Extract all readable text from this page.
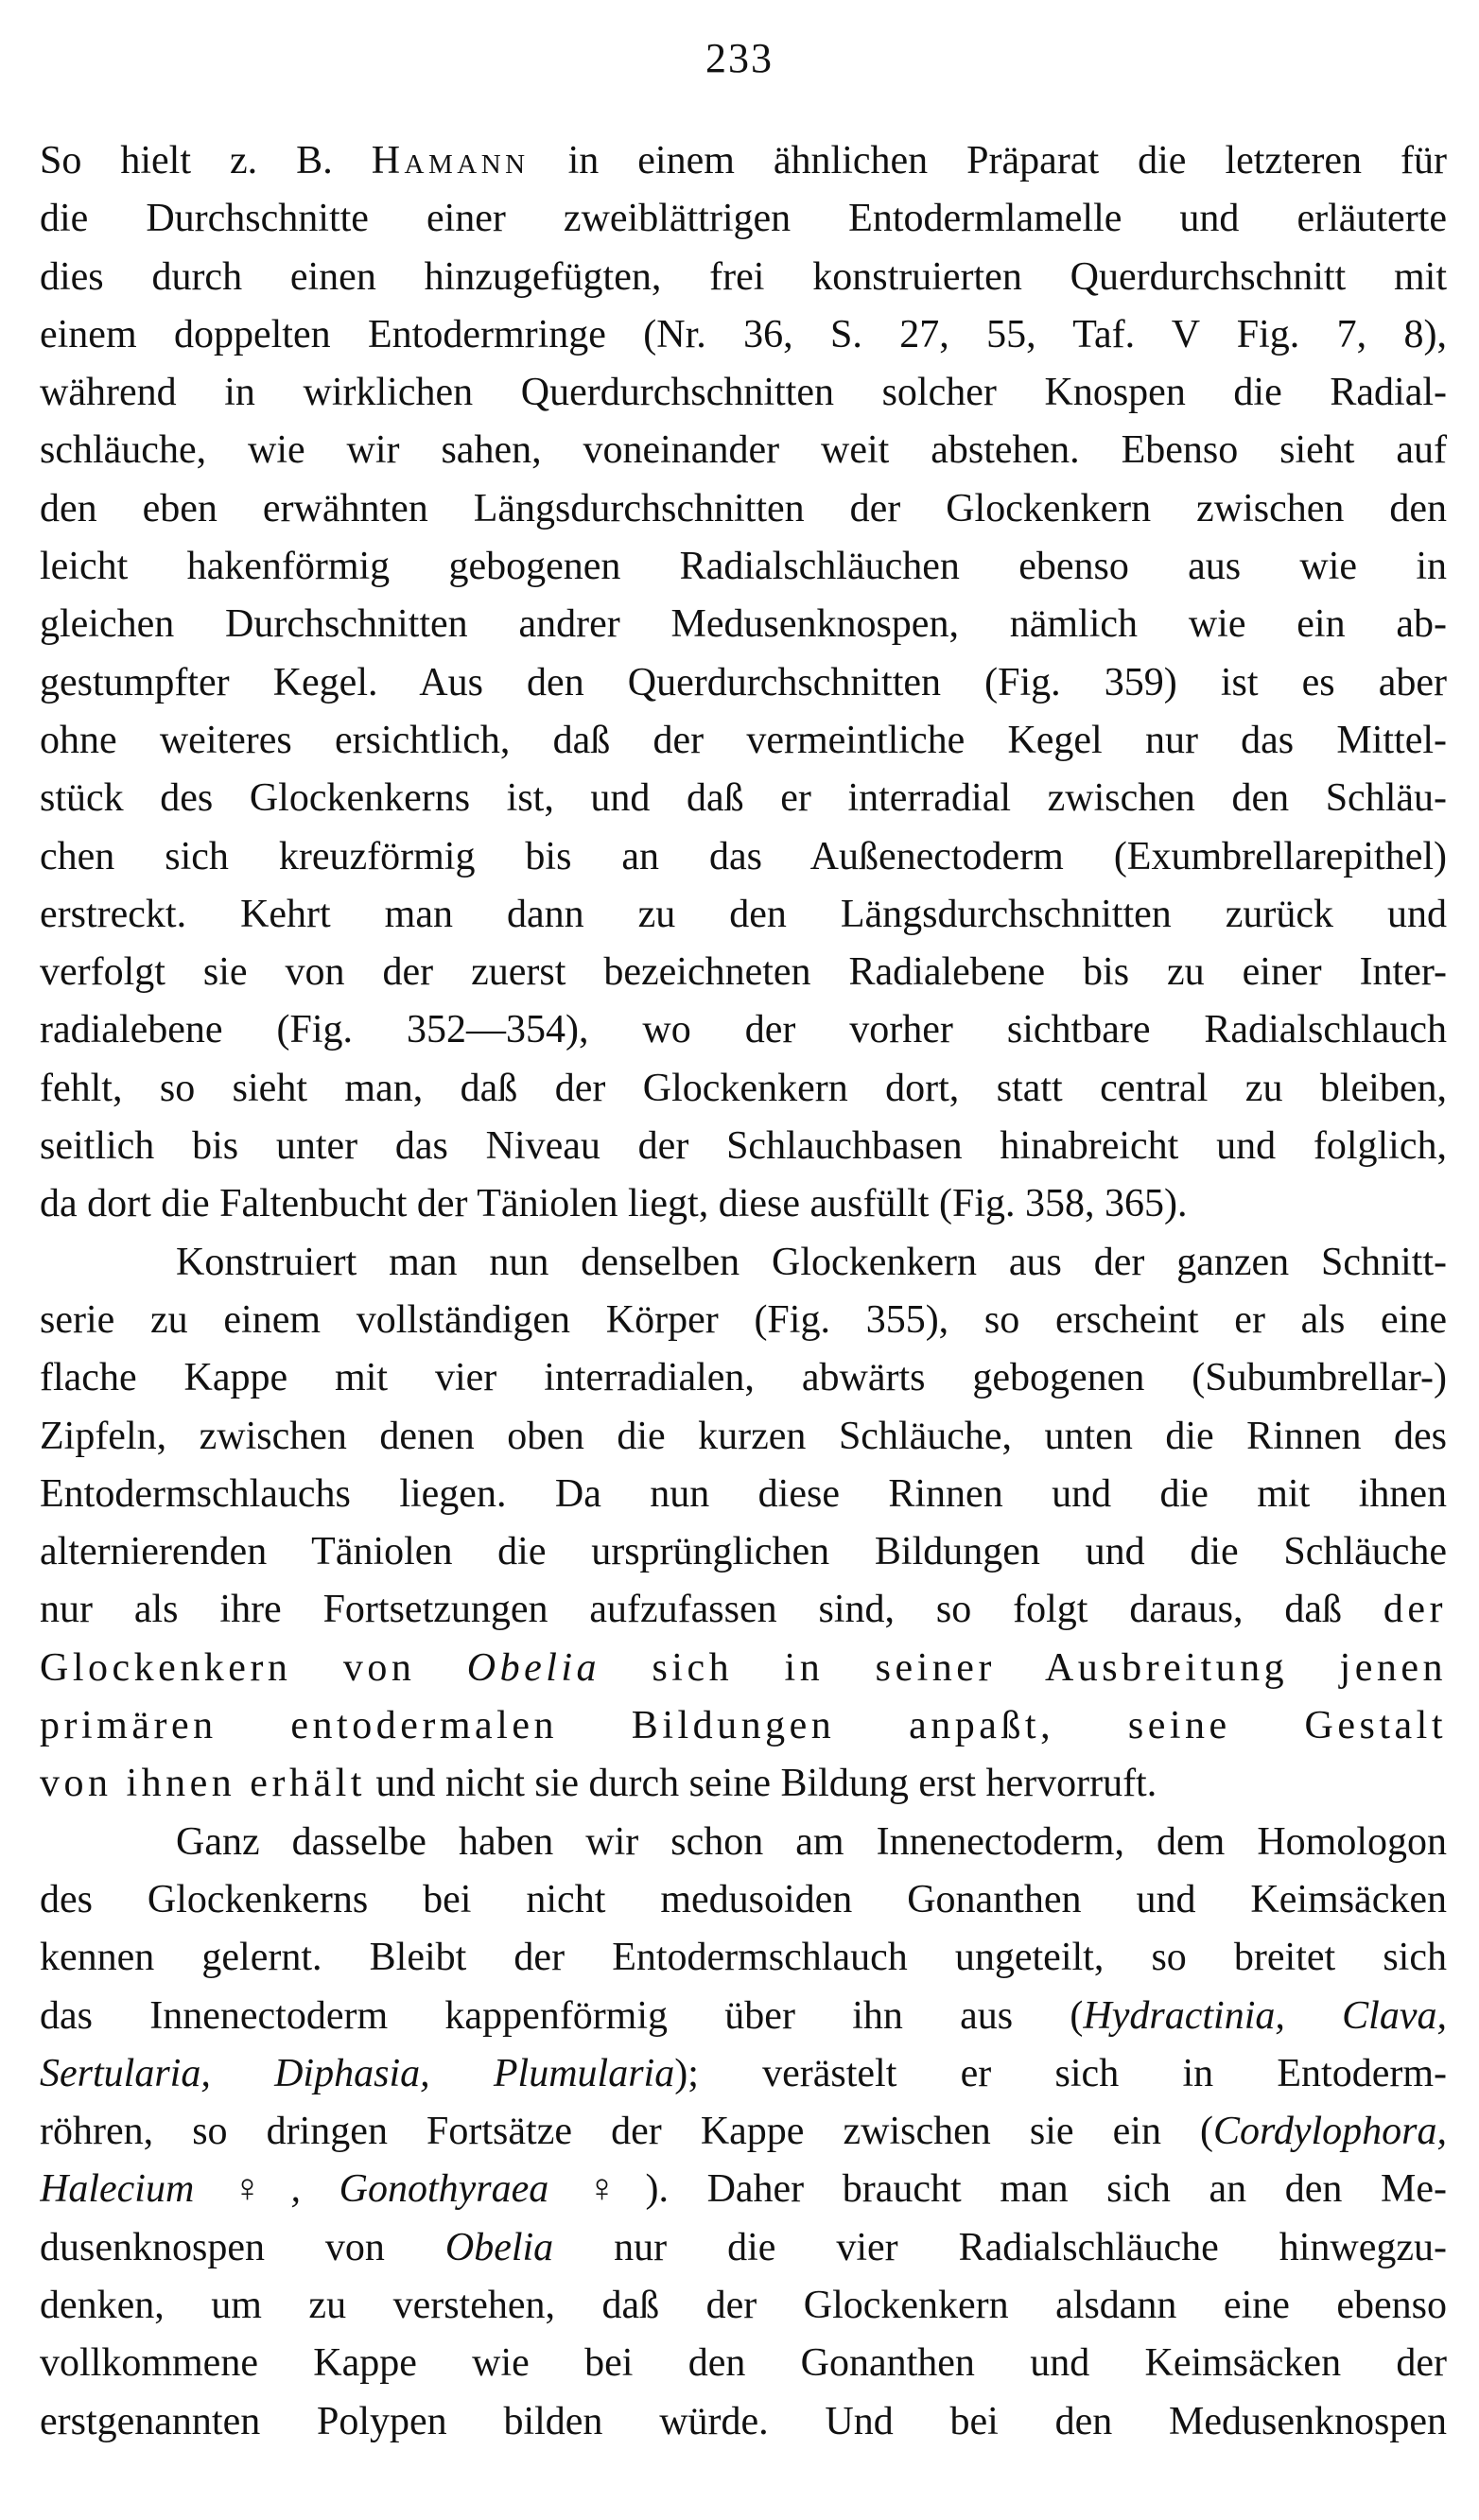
233
So hielt z. B. Hamann in einem ähnlichen Präparat die letzteren für
die Durchschnitte einer zweiblättrigen Entodermlamelle und erläuterte
dies durch einen hinzugefügten, frei konstruierten Querdurchschnitt mit
einem doppelten Entodermringe (Nr. 36, S. 27, 55, Taf. V Fig. 7, 8),
während in wirklichen Querdurchschnitten solcher Knospen die Radial-
schläuche, wie wir sahen, voneinander weit abstehen. Ebenso sieht auf
den eben erwähnten Längsdurchschnitten der Glockenkern zwischen den
leicht hakenförmig gebogenen Radialschläuchen ebenso aus wie in
gleichen Durchschnitten andrer Medusenknospen, nämlich wie ein ab-
gestumpfter Kegel. Aus den Querdurchschnitten (Fig. 359) ist es aber
ohne weiteres ersichtlich, daß der vermeintliche Kegel nur das Mittel-
stück des Glockenkerns ist, und daß er interradial zwischen den Schläu-
chen sich kreuzförmig bis an das Außenectoderm (Exumbrellarepithel)
erstreckt. Kehrt man dann zu den Längsdurchschnitten zurück und
verfolgt sie von der zuerst bezeichneten Radialebene bis zu einer Inter-
radialebene (Fig. 352—354), wo der vorher sichtbare Radialschlauch
fehlt, so sieht man, daß der Glockenkern dort, statt central zu bleiben,
seitlich bis unter das Niveau der Schlauchbasen hinabreicht und folglich,
da dort die Faltenbucht der Täniolen liegt, diese ausfüllt (Fig. 358, 365).
Konstruiert man nun denselben Glockenkern aus der ganzen Schnitt-
serie zu einem vollständigen Körper (Fig. 355), so erscheint er als eine
flache Kappe mit vier interradialen, abwärts gebogenen (Subumbrellar-)
Zipfeln, zwischen denen oben die kurzen Schläuche, unten die Rinnen des
Entodermschlauchs liegen. Da nun diese Rinnen und die mit ihnen
alternierenden Täniolen die ursprünglichen Bildungen und die Schläuche
nur als ihre Fortsetzungen aufzufassen sind, so folgt daraus, daß der
Glockenkern von Obelia sich in seiner Ausbreitung jenen
primären entodermalen Bildungen anpaßt, seine Gestalt
von ihnen erhält und nicht sie durch seine Bildung erst hervorruft.
Ganz dasselbe haben wir schon am Innenectoderm, dem Homologon
des Glockenkerns bei nicht medusoiden Gonanthen und Keimsäcken
kennen gelernt. Bleibt der Entodermschlauch ungeteilt, so breitet sich
das Innenectoderm kappenförmig über ihn aus (Hydractinia, Clava,
Sertularia, Diphasia, Plumularia); verästelt er sich in Entoderm-
röhren, so dringen Fortsätze der Kappe zwischen sie ein (Cordylophora,
Halecium ♀, Gonothyraea ♀). Daher braucht man sich an den Me-
dusenknospen von Obelia nur die vier Radialschläuche hinwegzu-
denken, um zu verstehen, daß der Glockenkern alsdann eine ebenso
vollkommene Kappe wie bei den Gonanthen und Keimsäcken der
erstgenannten Polypen bilden würde. Und bei den Medusenknospen
